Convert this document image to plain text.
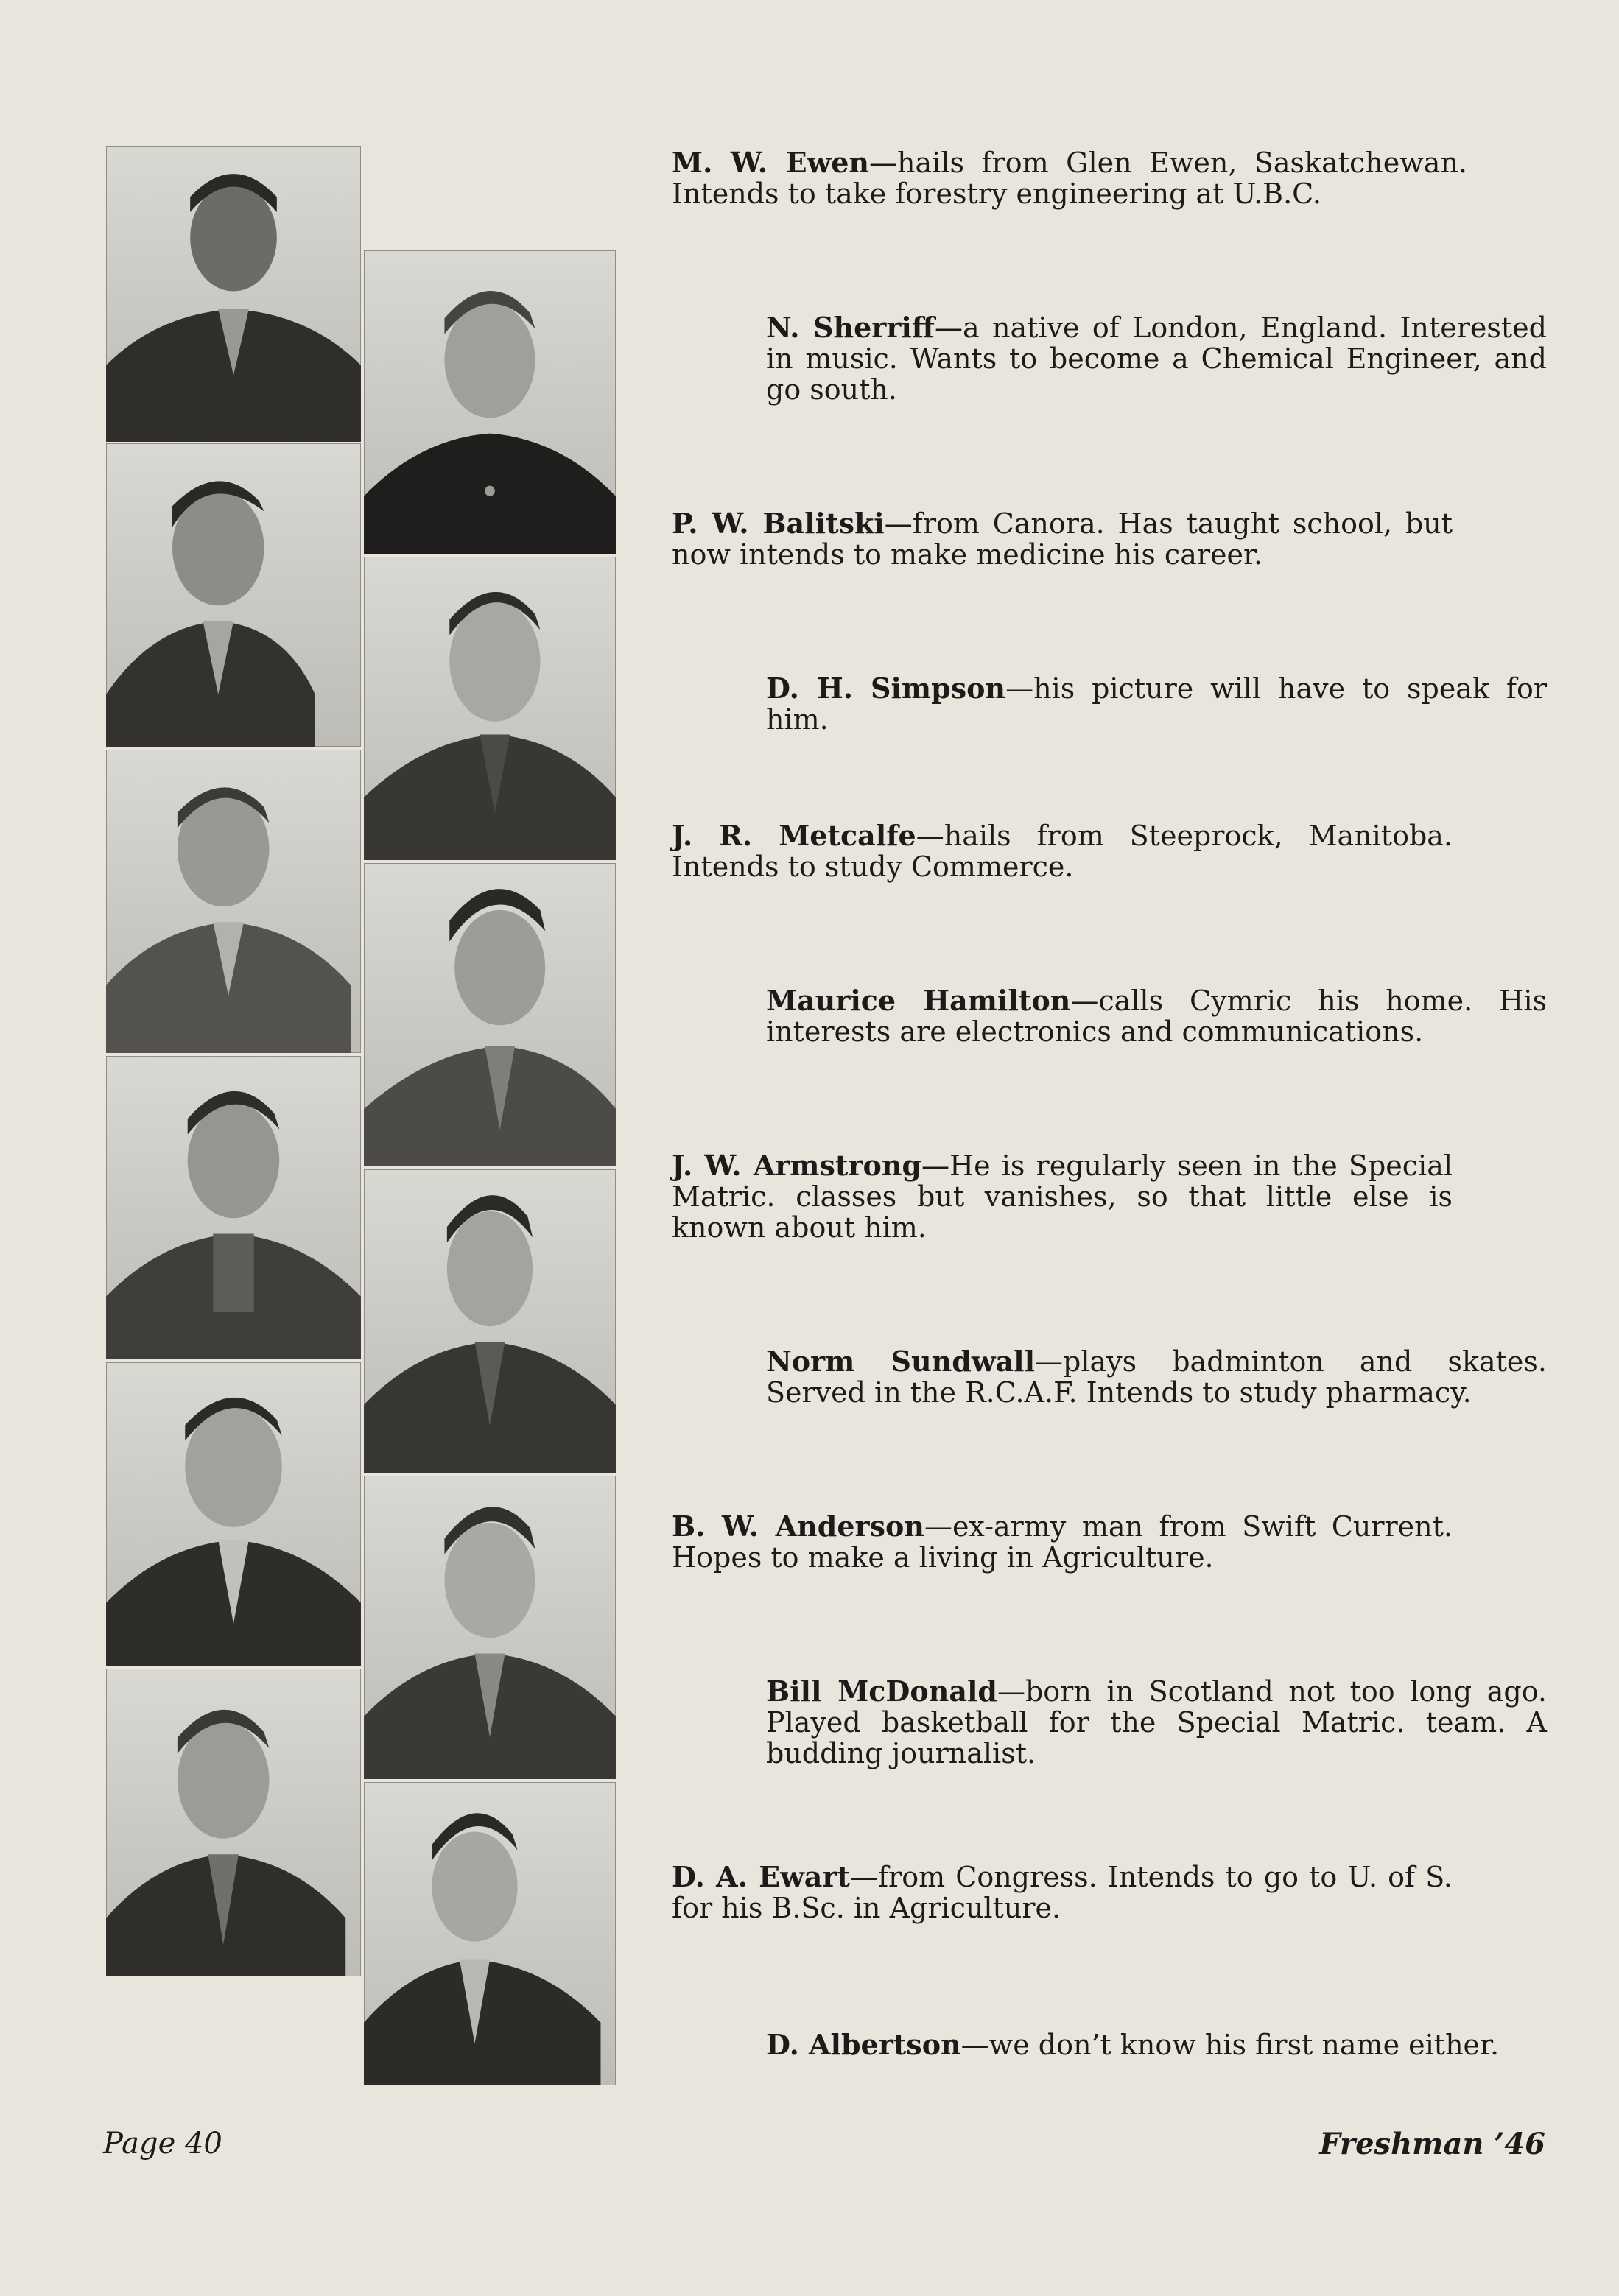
M. W. Ewen—hails from Glen Ewen, Saskatchewan. Intends to take forestry engineering at U.B.C.
N. Sherriff—a native of London, England. Interested in music. Wants to become a Chemical Engineer, and go south.
P. W. Balitski—from Canora. Has taught school, but now intends to make medicine his career.
D. H. Simpson—his picture will have to speak for him.
J. R. Metcalfe—hails from Steeprock, Manitoba. Intends to study Commerce.
Maurice Hamilton—calls Cymric his home. His interests are electronics and communications.
J. W. Armstrong—He is regularly seen in the Special Matric. classes but vanishes, so that little else is known about him.
Norm Sundwall—plays badminton and skates. Served in the R.C.A.F. Intends to study pharmacy.
B. W. Anderson—ex-army man from Swift Current. Hopes to make a living in Agriculture.
Bill McDonald—born in Scotland not too long ago. Played basketball for the Special Matric. team. A budding journalist.
D. A. Ewart—from Congress. Intends to go to U. of S. for his B.Sc. in Agriculture.
D. Albertson—we don’t know his first name either.
Page 40	Freshman ’46
